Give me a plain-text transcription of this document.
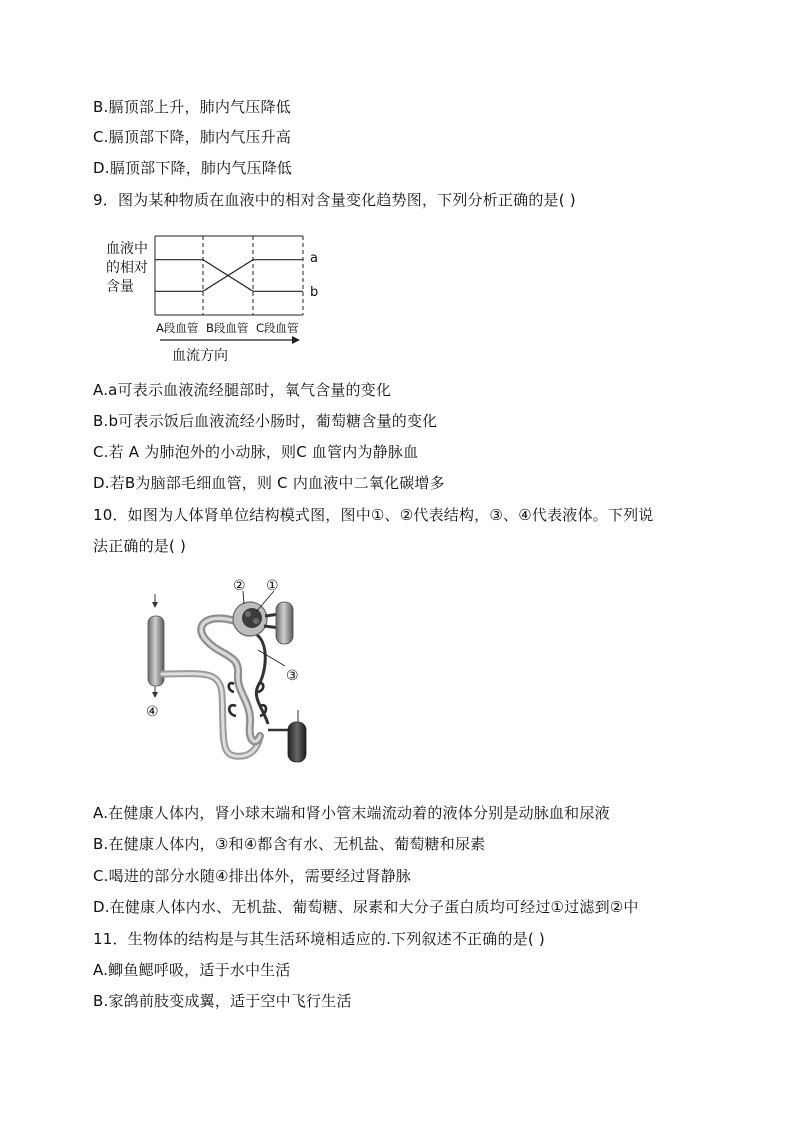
B.膈顶部上升，肺内气压降低
C.膈顶部下降，肺内气压升高
D.膈顶部下降，肺内气压降低
9．图为某种物质在血液中的相对含量变化趋势图，下列分析正确的是( )
血液中
的相对
含量
a
b
A段血管 B段血管 C段血管
血流方向
A.a可表示血液流经腿部时，氧气含量的变化
B.b可表示饭后血液流经小肠时，葡萄糖含量的变化
C.若 A 为肺泡外的小动脉，则C 血管内为静脉血
D.若B为脑部毛细血管，则 C 内血液中二氧化碳增多
10．如图为人体肾单位结构模式图，图中①、②代表结构，③、④代表液体。下列说
法正确的是( )
② ①
③
④
A.在健康人体内，肾小球末端和肾小管末端流动着的液体分别是动脉血和尿液
B.在健康人体内，③和④都含有水、无机盐、葡萄糖和尿素
C.喝进的部分水随④排出体外，需要经过肾静脉
D.在健康人体内水、无机盐、葡萄糖、尿素和大分子蛋白质均可经过①过滤到②中
11．生物体的结构是与其生活环境相适应的.下列叙述不正确的是( )
A.鲫鱼鳃呼吸，适于水中生活
B.家鸽前肢变成翼，适于空中飞行生活
